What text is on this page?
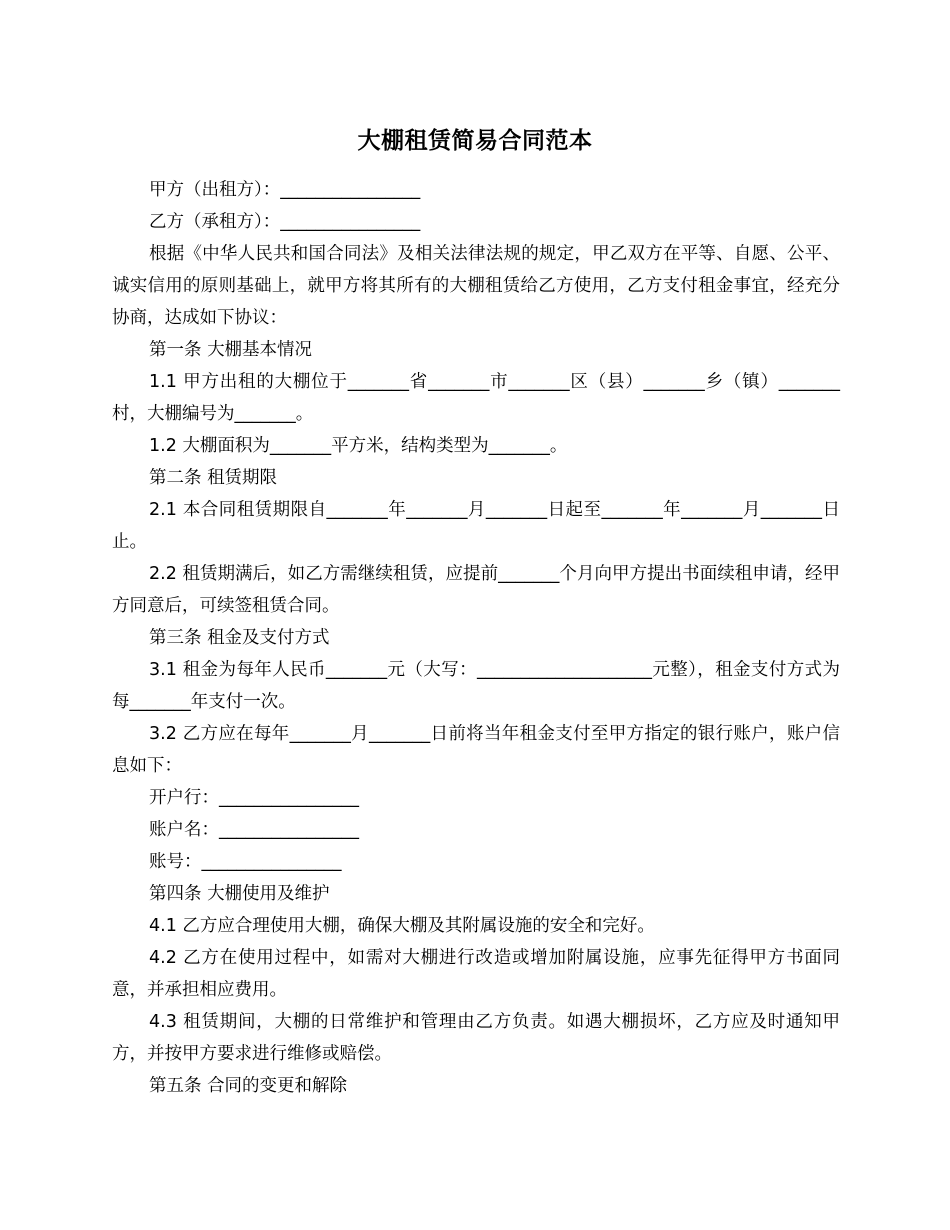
大棚租赁简易合同范本

甲方（出租方）：________________

乙方（承租方）：________________

根据《中华人民共和国合同法》及相关法律法规的规定，甲乙双方在平等、自愿、公平、诚实信用的原则基础上，就甲方将其所有的大棚租赁给乙方使用，乙方支付租金事宜，经充分协商，达成如下协议：

第一条 大棚基本情况

1.1 甲方出租的大棚位于_______省_______市_______区（县）_______乡（镇）_______村，大棚编号为_______。

1.2 大棚面积为_______平方米，结构类型为_______。

第二条 租赁期限

2.1 本合同租赁期限自_______年_______月_______日起至_______年_______月_______日止。

2.2 租赁期满后，如乙方需继续租赁，应提前_______个月向甲方提出书面续租申请，经甲方同意后，可续签租赁合同。

第三条 租金及支付方式

3.1 租金为每年人民币_______元（大写：____________________元整），租金支付方式为每_______年支付一次。

3.2 乙方应在每年_______月_______日前将当年租金支付至甲方指定的银行账户，账户信息如下：

开户行：________________

账户名：________________

账号：________________

第四条 大棚使用及维护

4.1 乙方应合理使用大棚，确保大棚及其附属设施的安全和完好。

4.2 乙方在使用过程中，如需对大棚进行改造或增加附属设施，应事先征得甲方书面同意，并承担相应费用。

4.3 租赁期间，大棚的日常维护和管理由乙方负责。如遇大棚损坏，乙方应及时通知甲方，并按甲方要求进行维修或赔偿。

第五条 合同的变更和解除
